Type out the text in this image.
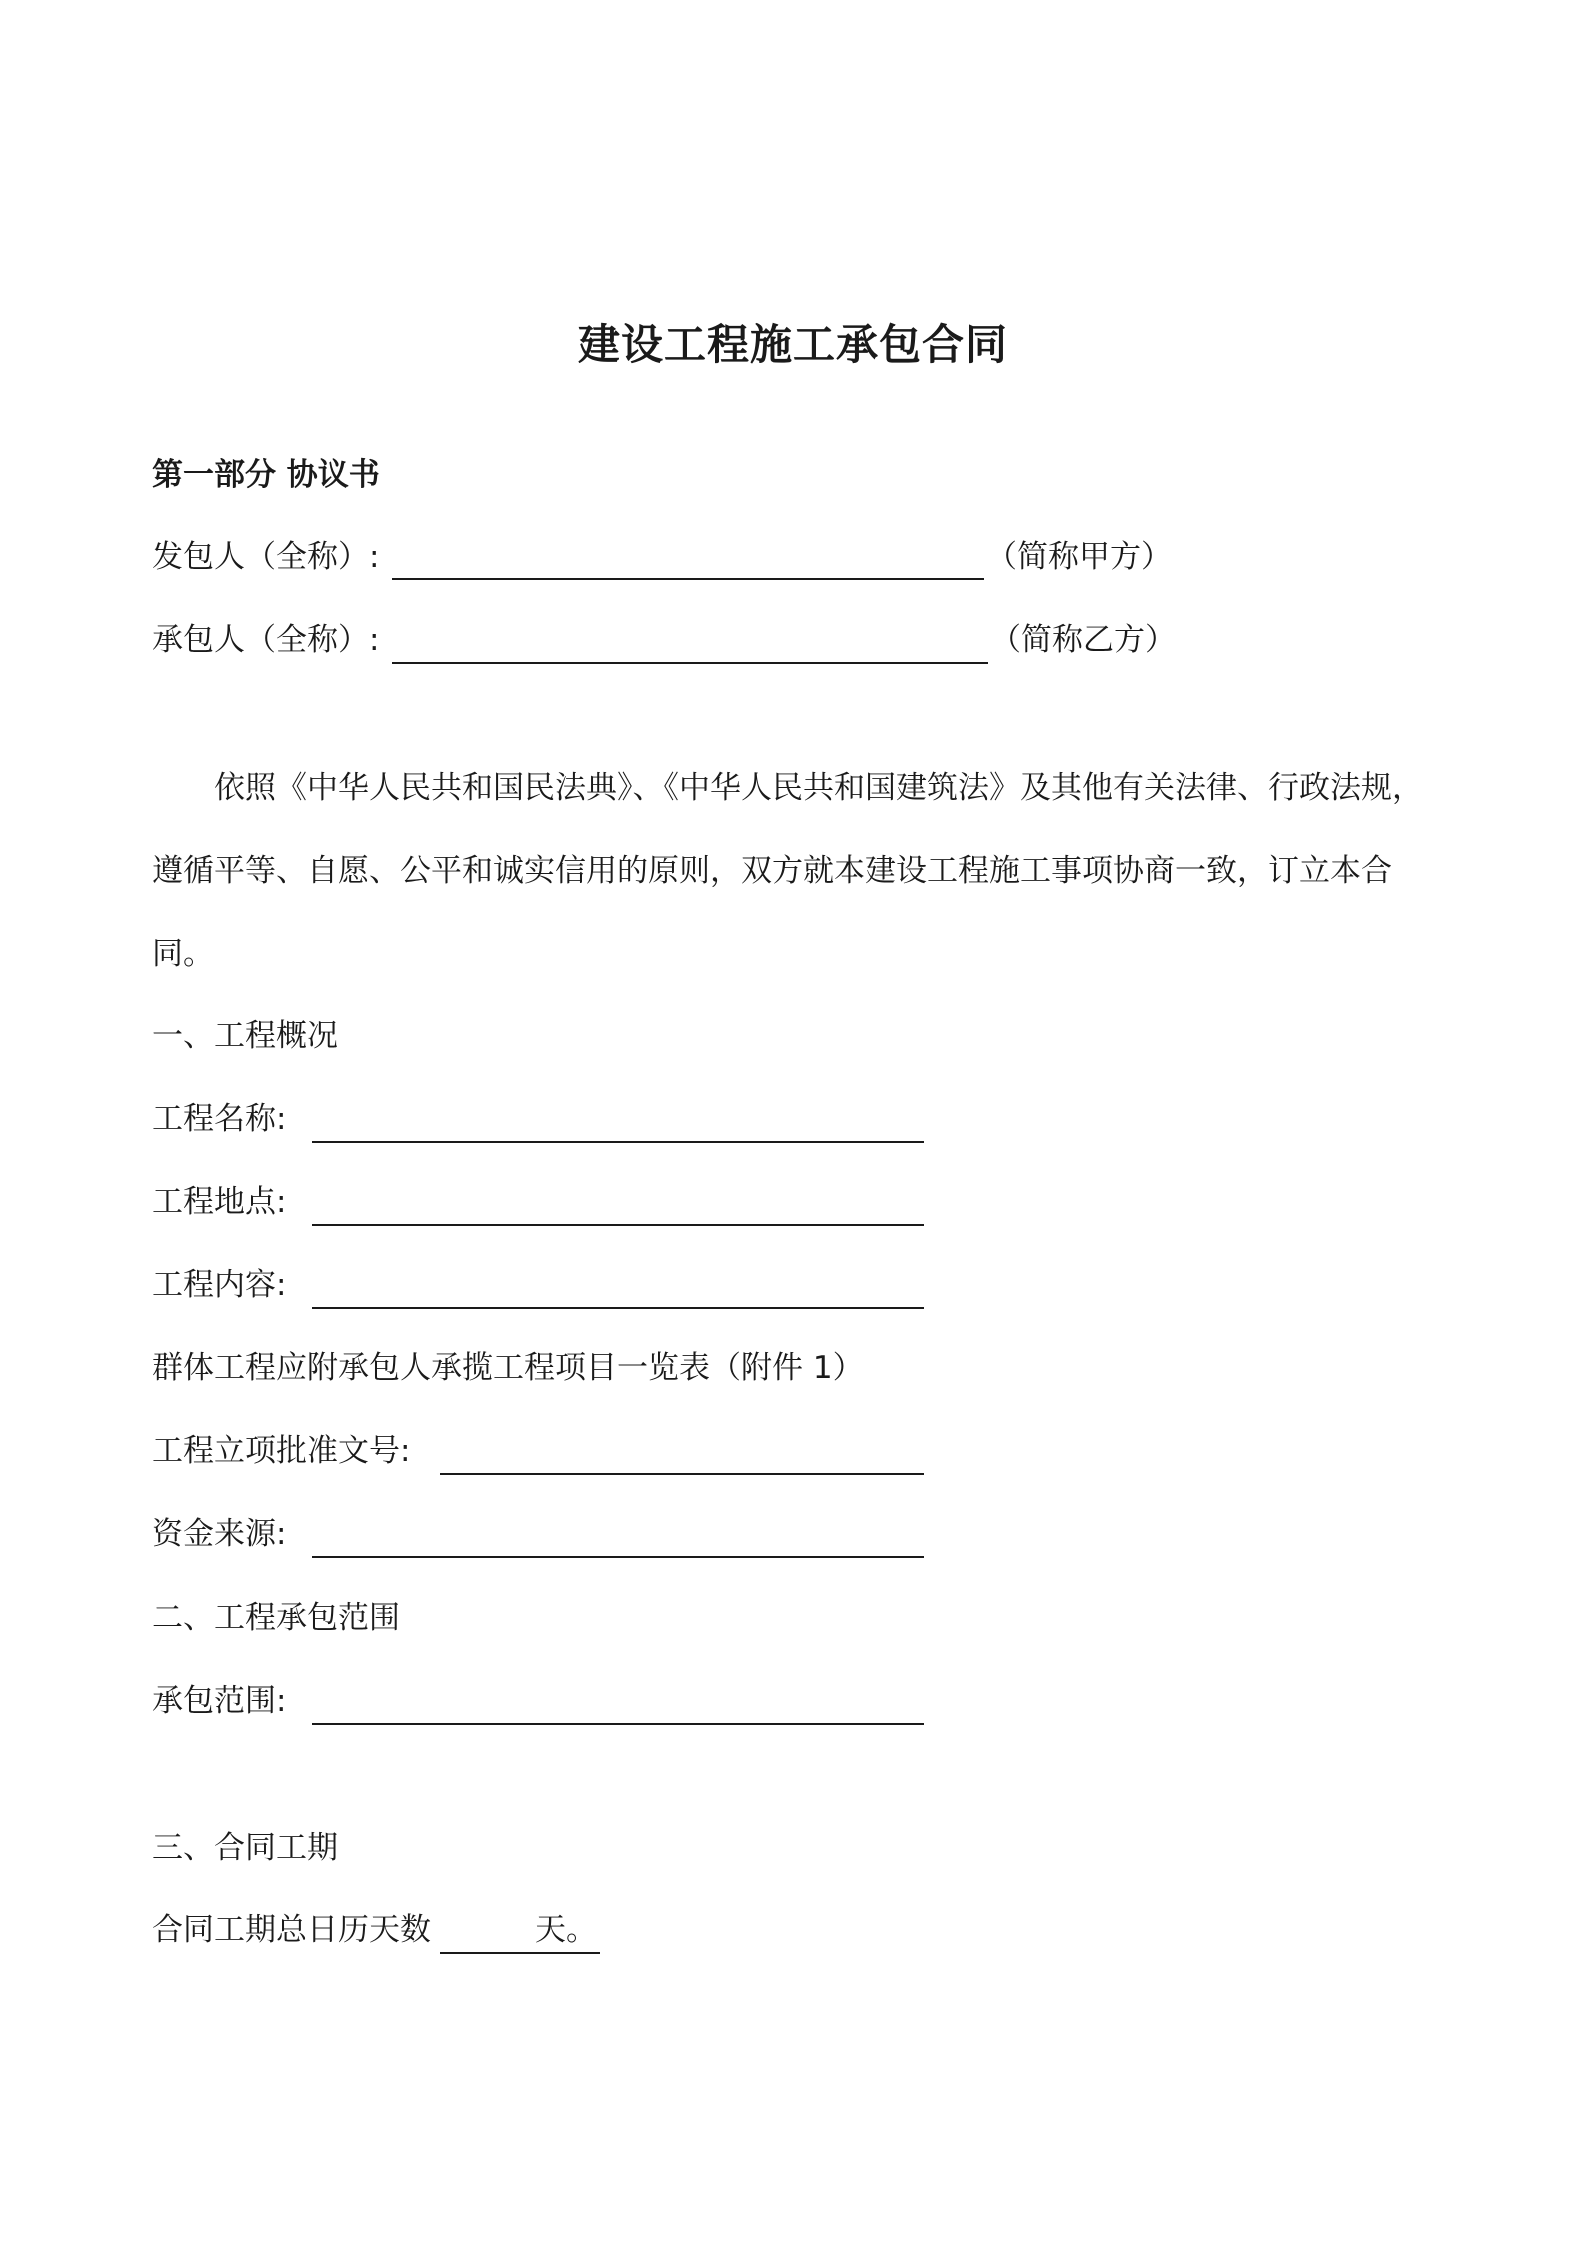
建设工程施工承包合同
第一部分 协议书
发包人（全称）:	（简称甲方）
承包人（全称）:	（简称乙方）
依照《中华人民共和国民法典》、《中华人民共和国建筑法》及其他有关法律、行政法规，遵循平等、自愿、公平和诚实信用的原则，双方就本建设工程施工事项协商一致，订立本合同。
一、工程概况
工程名称:
工程地点:
工程内容:
群体工程应附承包人承揽工程项目一览表（附件 1）
工程立项批准文号:
资金来源:
二、工程承包范围
承包范围:
三、合同工期
合同工期总日历天数	天。
